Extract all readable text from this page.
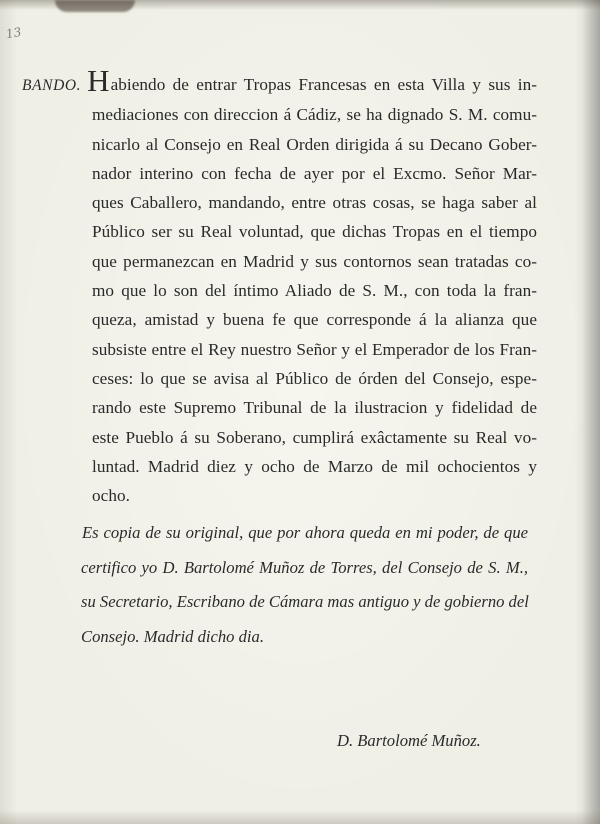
13
BANDO. Habiendo de entrar Tropas Francesas en esta Villa y sus in-
mediaciones con direccion á Cádiz, se ha dignado S. M. comu-
nicarlo al Consejo en Real Orden dirigida á su Decano Gober-
nador interino con fecha de ayer por el Excmo. Señor Mar-
ques Caballero, mandando, entre otras cosas, se haga saber al
Público ser su Real voluntad, que dichas Tropas en el tiempo
que permanezcan en Madrid y sus contornos sean tratadas co-
mo que lo son del íntimo Aliado de S. M., con toda la fran-
queza, amistad y buena fe que corresponde á la alianza que
subsiste entre el Rey nuestro Señor y el Emperador de los Fran-
ceses: lo que se avisa al Público de órden del Consejo, espe-
rando este Supremo Tribunal de la ilustracion y fidelidad de
este Pueblo á su Soberano, cumplirá exâctamente su Real vo-
luntad. Madrid diez y ocho de Marzo de mil ochocientos y
ocho.
Es copia de su original, que por ahora queda en mi poder, de que
certifico yo D. Bartolomé Muñoz de Torres, del Consejo de S. M.,
su Secretario, Escribano de Cámara mas antiguo y de gobierno del
Consejo. Madrid dicho dia.
D. Bartolomé Muñoz.
